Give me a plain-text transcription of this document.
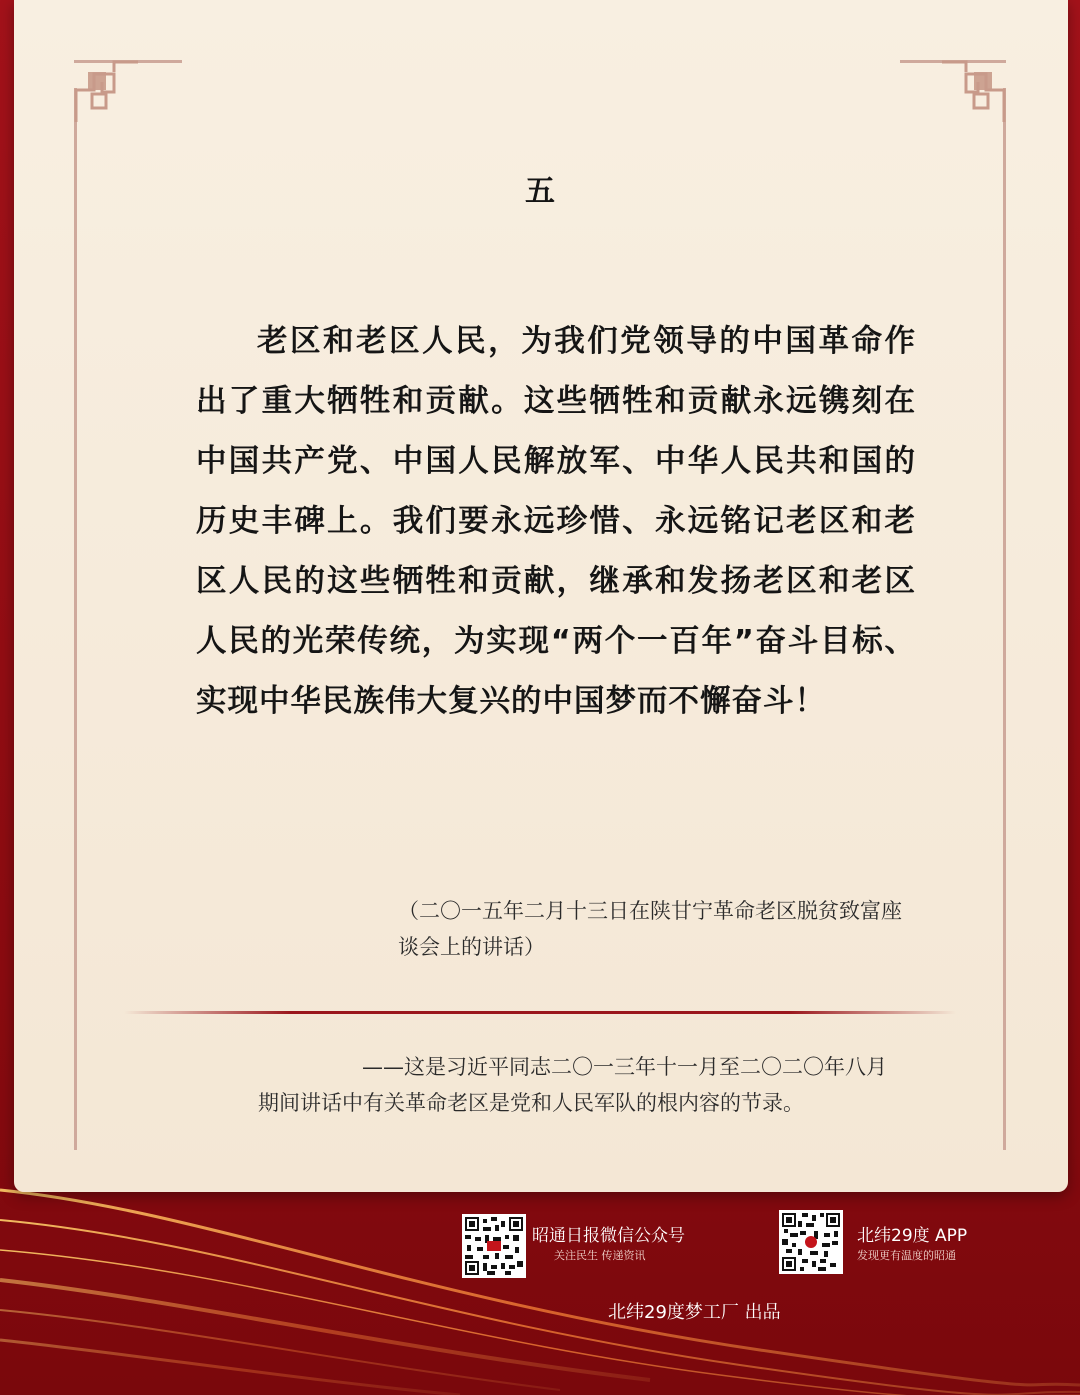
五
老区和老区人民，为我们党领导的中国革命作出了重大牺牲和贡献。这些牺牲和贡献永远镌刻在中国共产党、中国人民解放军、中华人民共和国的历史丰碑上。我们要永远珍惜、永远铭记老区和老区人民的这些牺牲和贡献，继承和发扬老区和老区人民的光荣传统，为实现“两个一百年”奋斗目标、实现中华民族伟大复兴的中国梦而不懈奋斗！
（二〇一五年二月十三日在陕甘宁革命老区脱贫致富座谈会上的讲话）
——这是习近平同志二〇一三年十一月至二〇二〇年八月
期间讲话中有关革命老区是党和人民军队的根内容的节录。
昭通日报微信公众号
关注民生 传递资讯
北纬29度 APP
发现更有温度的昭通
北纬29度梦工厂 出品
